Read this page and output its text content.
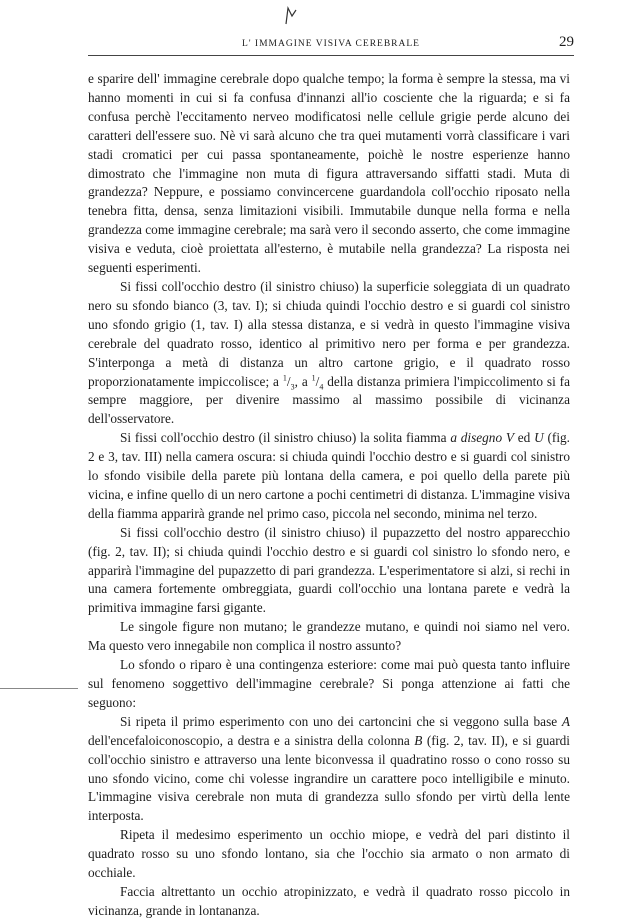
L' IMMAGINE VISIVA CEREBRALE	29

e sparire dell' immagine cerebrale dopo qualche tempo; la forma è sempre la stessa, ma vi hanno momenti in cui si fa confusa d'innanzi all'io cosciente che la riguarda; e si fa confusa perchè l'eccitamento nerveo modificatosi nelle cellule grigie perde alcuno dei caratteri dell'essere suo. Nè vi sarà alcuno che tra quei mutamenti vorrà classificare i vari stadi cromatici per cui passa spontaneamente, poichè le nostre esperienze hanno dimostrato che l'immagine non muta di figura attraversando siffatti stadi. Muta di grandezza? Neppure, e possiamo convincercene guardandola coll'occhio riposato nella tenebra fitta, densa, senza limitazioni visibili. Immutabile dunque nella forma e nella grandezza come immagine cerebrale; ma sarà vero il secondo asserto, che come immagine visiva e veduta, cioè proiettata all'esterno, è mutabile nella grandezza? La risposta nei seguenti esperimenti.

Si fissi coll'occhio destro (il sinistro chiuso) la superficie soleggiata di un quadrato nero su sfondo bianco (3, tav. I); si chiuda quindi l'occhio destro e si guardi col sinistro uno sfondo grigio (1, tav. I) alla stessa distanza, e si vedrà in questo l'immagine visiva cerebrale del quadrato rosso, identico al primitivo nero per forma e per grandezza. S'interponga a metà di distanza un altro cartone grigio, e il quadrato rosso proporzionatamente impiccolisce; a $^1/_3$, a $^1/_4$ della distanza primiera l'impiccolimento si fa sempre maggiore, per divenire massimo al massimo possibile di vicinanza dell'osservatore.

Si fissi coll'occhio destro (il sinistro chiuso) la solita fiamma a disegno V ed U (fig. 2 e 3, tav. III) nella camera oscura: si chiuda quindi l'occhio destro e si guardi col sinistro lo sfondo visibile della parete più lontana della camera, e poi quello della parete più vicina, e infine quello di un nero cartone a pochi centimetri di distanza. L'immagine visiva della fiamma apparirà grande nel primo caso, piccola nel secondo, minima nel terzo.

Si fissi coll'occhio destro (il sinistro chiuso) il pupazzetto del nostro apparecchio (fig. 2, tav. II); si chiuda quindi l'occhio destro e si guardi col sinistro lo sfondo nero, e apparirà l'immagine del pupazzetto di pari grandezza. L'esperimentatore si alzi, si rechi in una camera fortemente ombreggiata, guardi coll'occhio una lontana parete e vedrà la primitiva immagine farsi gigante.

Le singole figure non mutano; le grandezze mutano, e quindi noi siamo nel vero. Ma questo vero innegabile non complica il nostro assunto?

Lo sfondo o riparo è una contingenza esteriore: come mai può questa tanto influire sul fenomeno soggettivo dell'immagine cerebrale? Si ponga attenzione ai fatti che seguono:

Si ripeta il primo esperimento con uno dei cartoncini che si veggono sulla base A dell'encefaloiconoscopio, a destra e a sinistra della colonna B (fig. 2, tav. II), e si guardi coll'occhio sinistro e attraverso una lente biconvessa il quadratino rosso o cono rosso su uno sfondo vicino, come chi volesse ingrandire un carattere poco intelligibile e minuto. L'immagine visiva cerebrale non muta di grandezza sullo sfondo per virtù della lente interposta.

Ripeta il medesimo esperimento un occhio miope, e vedrà del pari distinto il quadrato rosso su uno sfondo lontano, sia che l'occhio sia armato o non armato di occhiale.

Faccia altrettanto un occhio atropinizzato, e vedrà il quadrato rosso piccolo in vicinanza, grande in lontananza.
